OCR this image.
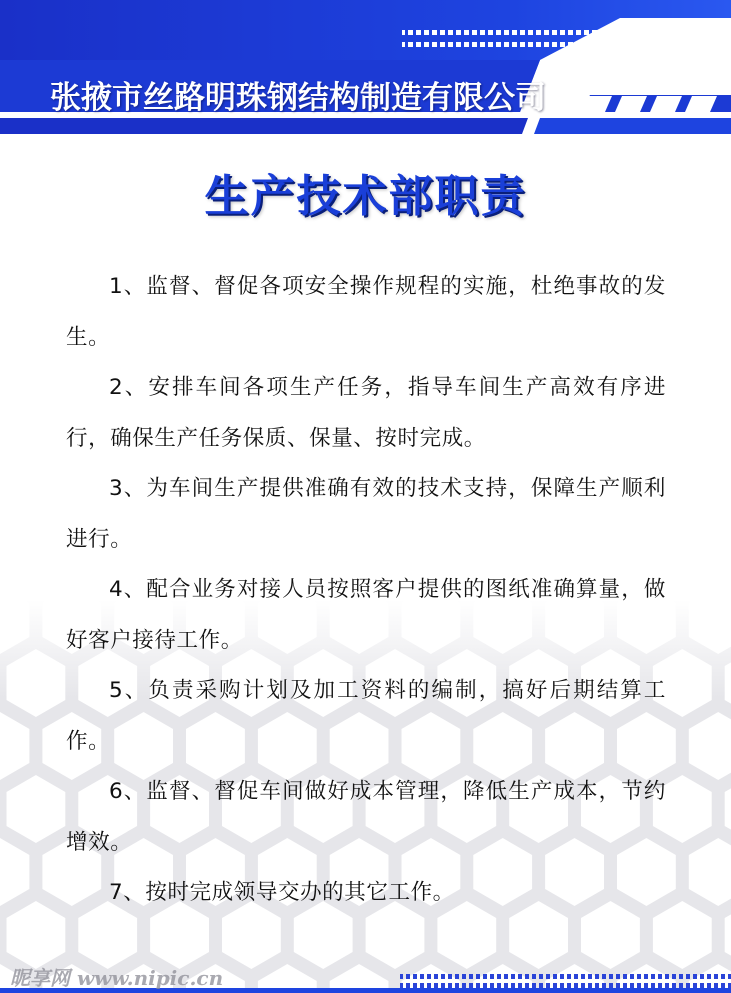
张掖市丝路明珠钢结构制造有限公司
生产技术部职责
1、监督、督促各项安全操作规程的实施，杜绝事故的发生。
2、安排车间各项生产任务，指导车间生产高效有序进行，确保生产任务保质、保量、按时完成。
3、为车间生产提供准确有效的技术支持，保障生产顺利进行。
4、配合业务对接人员按照客户提供的图纸准确算量，做好客户接待工作。
5、负责采购计划及加工资料的编制，搞好后期结算工作。
6、监督、督促车间做好成本管理，降低生产成本，节约增效。
7、按时完成领导交办的其它工作。
昵享网 www.nipic.cn
